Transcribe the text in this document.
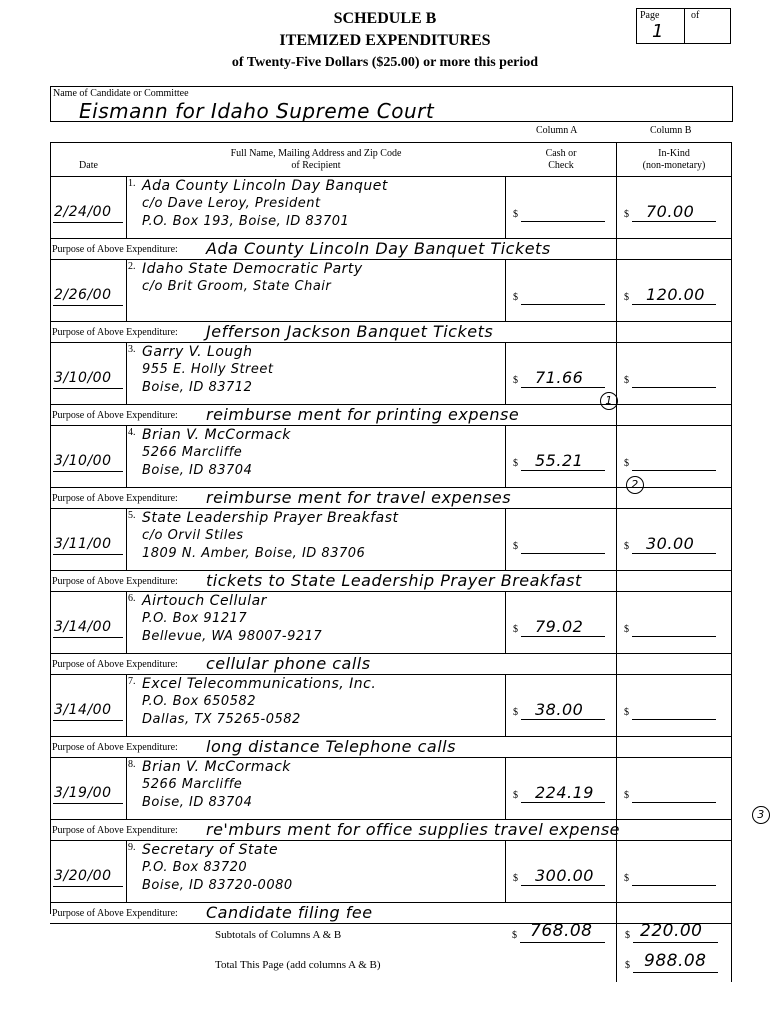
SCHEDULE B
ITEMIZED EXPENDITURES
of Twenty-Five Dollars ($25.00) or more this period
Page	of
1
Name of Candidate or Committee
Eismann for Idaho Supreme Court
Column A	Column B
Date
Full Name, Mailing Address and Zip Code
of Recipient
Cash or
Check
In-Kind
(non-monetary)
1.
2/24/00
Ada County Lincoln Day Banquet
c/o Dave Leroy, President
P.O. Box 193, Boise, ID 83701	$	$ 70.00
Purpose of Above Expenditure: Ada County Lincoln Day Banquet Tickets
2.
2/26/00
Idaho State Democratic Party
c/o Brit Groom, State Chair
$	$ 120.00
Purpose of Above Expenditure: Jefferson Jackson Banquet Tickets
3.
3/10/00
Garry V. Lough
955 E. Holly Street
Boise, ID 83712	$ 71.66	$
Purpose of Above Expenditure: reimburse ment for printing expense
4.
3/10/00
Brian V. McCormack
5266 Marcliffe
Boise, ID 83704	$ 55.21	$
Purpose of Above Expenditure: reimburse ment for travel expenses
5.
3/11/00
State Leadership Prayer Breakfast
c/o Orvil Stiles
1809 N. Amber, Boise, ID 83706	$	$ 30.00
Purpose of Above Expenditure: tickets to State Leadership Prayer Breakfast
6.
3/14/00
Airtouch Cellular
P.O. Box 91217
Bellevue, WA 98007-9217	$ 79.02	$
Purpose of Above Expenditure: cellular phone calls
7.
3/14/00
Excel Telecommunications, Inc.
P.O. Box 650582
Dallas, TX 75265-0582	$ 38.00	$
Purpose of Above Expenditure: long distance Telephone calls
8.
3/19/00
Brian V. McCormack
5266 Marcliffe
Boise, ID 83704	$ 224.19	$
Purpose of Above Expenditure: re'mburs ment for office supplies travel expense
9.
3/20/00
Secretary of State
P.O. Box 83720
Boise, ID 83720-0080	$ 300.00	$
Purpose of Above Expenditure: Candidate filing fee
1
2
3
Subtotals of Columns A & B	$ 768.08	$ 220.00
Total This Page (add columns A & B)	$ 988.08
